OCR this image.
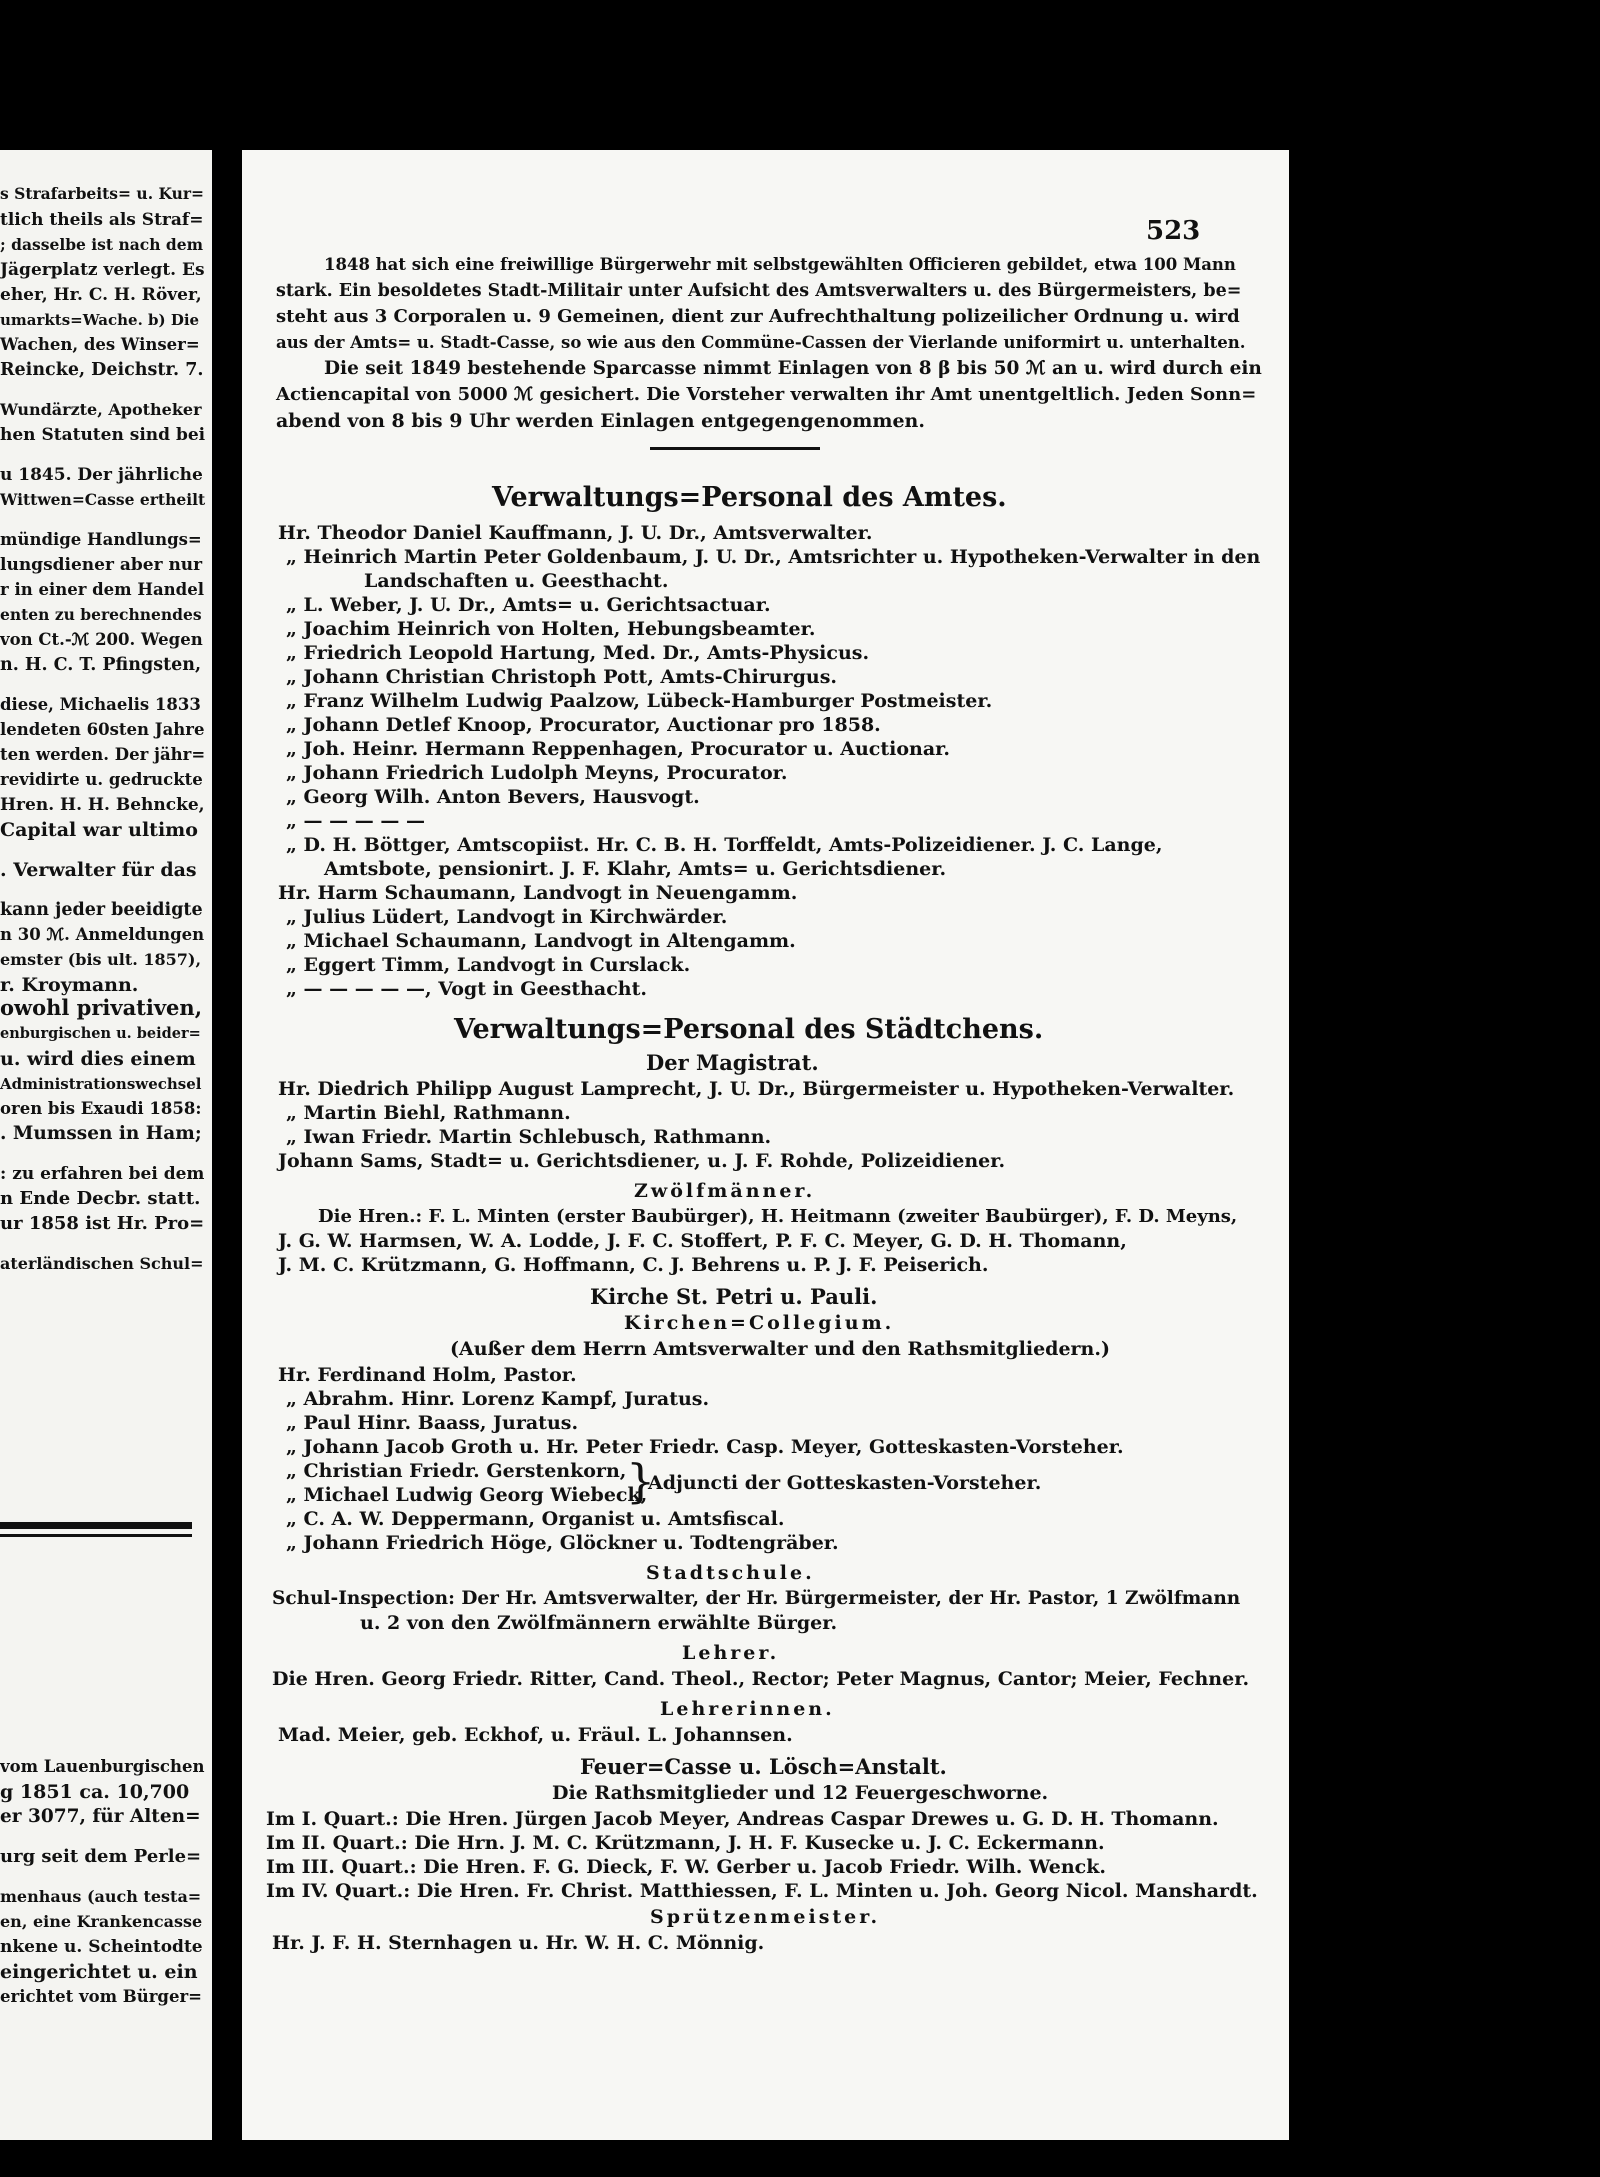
s Strafarbeits= u. Kur=
tlich theils als Straf=
; dasselbe ist nach dem
Jägerplatz verlegt. Es
eher, Hr. C. H. Röver,
umarkts=Wache. b) Die
Wachen, des Winser=
Reincke, Deichstr. 7.
Wundärzte, Apotheker
hen Statuten sind bei
u 1845. Der jährliche
Wittwen=Casse ertheilt
mündige Handlungs=
lungsdiener aber nur
r in einer dem Handel
enten zu berechnendes
von Ct.-ℳ 200. Wegen
n. H. C. T. Pfingsten,
diese, Michaelis 1833
lendeten 60sten Jahre
ten werden. Der jähr=
revidirte u. gedruckte
Hren. H. H. Behncke,
Capital war ultimo
. Verwalter für das
kann jeder beeidigte
n 30 ℳ. Anmeldungen
emster (bis ult. 1857),
r. Kroymann.
owohl privativen,
enburgischen u. beider=
u. wird dies einem
Administrationswechsel
oren bis Exaudi 1858:
. Mumssen in Ham;
: zu erfahren bei dem
n Ende Decbr. statt.
ur 1858 ist Hr. Pro=
aterländischen Schul=
vom Lauenburgischen
g 1851 ca. 10,700
er 3077, für Alten=
urg seit dem Perle=
menhaus (auch testa=
en, eine Krankencasse
nkene u. Scheintodte
eingerichtet u. ein
erichtet vom Bürger=
523
1848 hat sich eine freiwillige Bürgerwehr mit selbstgewählten Officieren gebildet, etwa 100 Mann
stark. Ein besoldetes Stadt-Militair unter Aufsicht des Amtsverwalters u. des Bürgermeisters, be=
steht aus 3 Corporalen u. 9 Gemeinen, dient zur Aufrechthaltung polizeilicher Ordnung u. wird
aus der Amts= u. Stadt-Casse, so wie aus den Commüne-Cassen der Vierlande uniformirt u. unterhalten.
Die seit 1849 bestehende Sparcasse nimmt Einlagen von 8 β bis 50 ℳ an u. wird durch ein
Actiencapital von 5000 ℳ gesichert. Die Vorsteher verwalten ihr Amt unentgeltlich. Jeden Sonn=
abend von 8 bis 9 Uhr werden Einlagen entgegengenommen.
Verwaltungs=Personal des Amtes.
Hr. Theodor Daniel Kauffmann, J. U. Dr., Amtsverwalter.
„ Heinrich Martin Peter Goldenbaum, J. U. Dr., Amtsrichter u. Hypotheken-Verwalter in den
Landschaften u. Geesthacht.
„ L. Weber, J. U. Dr., Amts= u. Gerichtsactuar.
„ Joachim Heinrich von Holten, Hebungsbeamter.
„ Friedrich Leopold Hartung, Med. Dr., Amts-Physicus.
„ Johann Christian Christoph Pott, Amts-Chirurgus.
„ Franz Wilhelm Ludwig Paalzow, Lübeck-Hamburger Postmeister.
„ Johann Detlef Knoop, Procurator, Auctionar pro 1858.
„ Joh. Heinr. Hermann Reppenhagen, Procurator u. Auctionar.
„ Johann Friedrich Ludolph Meyns, Procurator.
„ Georg Wilh. Anton Bevers, Hausvogt.
„ — — — — —
„ D. H. Böttger, Amtscopiist. Hr. C. B. H. Torffeldt, Amts-Polizeidiener. J. C. Lange,
Amtsbote, pensionirt. J. F. Klahr, Amts= u. Gerichtsdiener.
Hr. Harm Schaumann, Landvogt in Neuengamm.
„ Julius Lüdert, Landvogt in Kirchwärder.
„ Michael Schaumann, Landvogt in Altengamm.
„ Eggert Timm, Landvogt in Curslack.
„ — — — — —, Vogt in Geesthacht.
Verwaltungs=Personal des Städtchens.
Der Magistrat.
Hr. Diedrich Philipp August Lamprecht, J. U. Dr., Bürgermeister u. Hypotheken-Verwalter.
„ Martin Biehl, Rathmann.
„ Iwan Friedr. Martin Schlebusch, Rathmann.
Johann Sams, Stadt= u. Gerichtsdiener, u. J. F. Rohde, Polizeidiener.
Zwölfmänner.
Die Hren.: F. L. Minten (erster Baubürger), H. Heitmann (zweiter Baubürger), F. D. Meyns,
J. G. W. Harmsen, W. A. Lodde, J. F. C. Stoffert, P. F. C. Meyer, G. D. H. Thomann,
J. M. C. Krützmann, G. Hoffmann, C. J. Behrens u. P. J. F. Peiserich.
Kirche St. Petri u. Pauli.
Kirchen=Collegium.
(Außer dem Herrn Amtsverwalter und den Rathsmitgliedern.)
Hr. Ferdinand Holm, Pastor.
„ Abrahm. Hinr. Lorenz Kampf, Juratus.
„ Paul Hinr. Baass, Juratus.
„ Johann Jacob Groth u. Hr. Peter Friedr. Casp. Meyer, Gotteskasten-Vorsteher.
„ Christian Friedr. Gerstenkorn,
„ Michael Ludwig Georg Wiebeck,
}
Adjuncti der Gotteskasten-Vorsteher.
„ C. A. W. Deppermann, Organist u. Amtsfiscal.
„ Johann Friedrich Höge, Glöckner u. Todtengräber.
Stadtschule.
Schul-Inspection: Der Hr. Amtsverwalter, der Hr. Bürgermeister, der Hr. Pastor, 1 Zwölfmann
u. 2 von den Zwölfmännern erwählte Bürger.
Lehrer.
Die Hren. Georg Friedr. Ritter, Cand. Theol., Rector; Peter Magnus, Cantor; Meier, Fechner.
Lehrerinnen.
Mad. Meier, geb. Eckhof, u. Fräul. L. Johannsen.
Feuer=Casse u. Lösch=Anstalt.
Die Rathsmitglieder und 12 Feuergeschworne.
Im I. Quart.: Die Hren. Jürgen Jacob Meyer, Andreas Caspar Drewes u. G. D. H. Thomann.
Im II. Quart.: Die Hrn. J. M. C. Krützmann, J. H. F. Kusecke u. J. C. Eckermann.
Im III. Quart.: Die Hren. F. G. Dieck, F. W. Gerber u. Jacob Friedr. Wilh. Wenck.
Im IV. Quart.: Die Hren. Fr. Christ. Matthiessen, F. L. Minten u. Joh. Georg Nicol. Manshardt.
Sprützenmeister.
Hr. J. F. H. Sternhagen u. Hr. W. H. C. Mönnig.
